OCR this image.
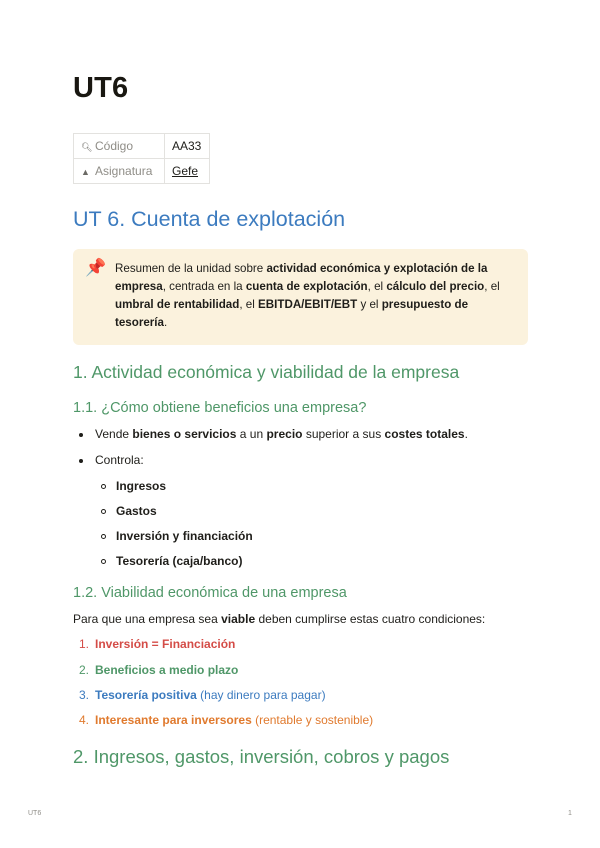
UT6
🔍︎ Código	AA33
▲ Asignatura	Gefe
UT 6. Cuenta de explotación
📌 Resumen de la unidad sobre actividad económica y explotación de la empresa, centrada en la cuenta de explotación, el cálculo del precio, el umbral de rentabilidad, el EBITDA/EBIT/EBT y el presupuesto de tesorería.
1. Actividad económica y viabilidad de la empresa
1.1. ¿Cómo obtiene beneficios una empresa?
Vende bienes o servicios a un precio superior a sus costes totales.
Controla:
Ingresos
Gastos
Inversión y financiación
Tesorería (caja/banco)
1.2. Viabilidad económica de una empresa
Para que una empresa sea viable deben cumplirse estas cuatro condiciones:
1. Inversión = Financiación
2. Beneficios a medio plazo
3. Tesorería positiva (hay dinero para pagar)
4. Interesante para inversores (rentable y sostenible)
2. Ingresos, gastos, inversión, cobros y pagos
UT6	1
